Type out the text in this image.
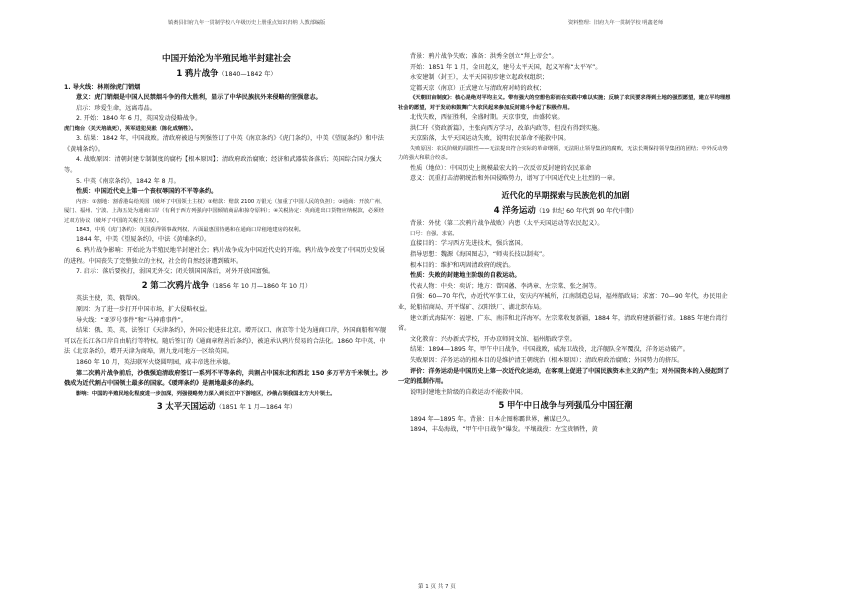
镇赉县旧府九年一贯制学校八年级历史上册重点知识归纳 人教部编版	资料整理：旧府九年一贯制学校 明鑫老师

中国开始沦为半殖民地半封建社会

1 鸦片战争（1840—1842 年）

1. 导火线：林则徐虎门销烟

意义：虎门销烟是中国人民禁烟斗争的伟大胜利，显示了中华民族抗外来侵略的坚强意志。

启示：珍爱生命，远离毒品。

2. 开始：1840 年 6 月，英国发动侵略战争。

虎门炮台（关天培战死），英军进犯吴淞（陈化成牺牲）。

3. 结果：1842 年，中国战败。清政府被迫与列强签订了中英《南京条约》《虎门条约》，中美《望厦条约》和中法《黄埔条约》。

4. 战败原因：清朝封建专制制度的腐朽【根本原因】；清政府政治腐败；经济和武器装备落后；英国综合国力强大等。

5. 中英《南京条约》，1842 年 8 月。

性质：中国近代史上第一个丧权辱国的不平等条约。

内容：①割地：割香港岛给英国（破坏了中国领土主权）②赔款：赔款 2100 万银元（加重了中国人民的负担）；③通商：开放广州、厦门、福州、宁波、上海五处为通商口岸（有利于西方列强向中国倾销商品和掠夺原料）；④关税协定：英商进出口货物应纳税款，必须经过双方协议（破坏了中国的关税自主权）。

1843，中英《虎门条约》：英国获得领事裁判权、片面最惠国待遇和在通商口岸租地建房的权利。

1844 年，中美《望厦条约》，中法《黄埔条约》。

6. 鸦片战争影响：开始沦为半殖民地半封建社会；鸦片战争成为中国近代史的开端。鸦片战争改变了中国历史发展的进程。中国丧失了完整独立的主权，社会的自然经济遭到破坏。

7. 启示：落后要挨打，弱国无外交；闭关锁国国落后，对外开放国富强。

2 第二次鸦片战争（1856 年 10 月—1860 年 10 月）

英法主使，美、俄帮凶。

原因：为了进一步打开中国市场，扩大侵略权益。

导火线：“亚罗号事件”和“马神甫事件”。

结果：俄、美、英、法签订《天津条约》，外国公使进驻北京。增开汉口、南京等十处为通商口岸，外国商船和军舰可以在长江各口岸自由航行等特权。随后签订的《通商章程善后条约》，被迫承认鸦片贸易的合法化。1860 年中英、中法《北京条约》，增开天津为商埠，割九龙司地方一区给英国。

1860 年 10 月，英法联军火烧圆明园，咸丰帝逃往承德。

第二次鸦片战争前后，沙俄强迫清政府签订一系列不平等条约，共割占中国东北和西北 150 多万平方千米领土。沙俄成为近代割占中国领土最多的国家。《瑷珲条约》是割地最多的条约。

影响：中国的半殖民地化程度进一步加深，列强侵略势力深入到长江中下游地区，沙俄占领我国北方大片领土。

3 太平天国运动（1851 年 1 月—1864 年）

背景：鸦片战争失败；准备：洪秀全创立“拜上帝会”。

开始：1851 年 1 月，金田起义，建号太平天国，起义军称“太平军”。

永安建制（封王），太平天国初步建立起政权组织；

定都天京（南京）正式建立与清政府对峙的政权；

《天朝田亩制度》：核心是绝对平均主义。带有强大的空想色彩而在实践中难以实施；反映了农民要求得到土地的强烈愿望，建立平均理想社会的愿望，对于发动和鼓舞广大农民起来参加反封建斗争起了积极作用。

北伐失败，西征胜利，全盛时期。天京事变，由盛转衰。

洪仁玕《资政新篇》，主张向西方学习，改革内政等，但没有得到实施。

天京陷落，太平天国运动失败，说明农民革命不能救中国。

失败原因：农民阶级的局限性——无法提出符合实际的革命纲领，无法阻止领导集团的腐败，无法长期保持领导集团的团结；中外反动势力的强大和联合绞杀。

性质（地位）：中国历史上规模最宏大的一次反帝反封建的农民革命

意义：沉重打击清朝统治和外国侵略势力，谱写了中国近代史上壮烈的一章。

近代化的早期探索与民族危机的加剧

4 洋务运动（19 世纪 60 年代到 90 年代中期）

背景：外忧（第二次鸦片战争战败）内患（太平天国运动等农民起义）。

口号：自强、求富。

直接目的：学习西方先进技术，强兵富国。

指导思想：魏源《海国图志》，“师夷长技以制夷”。

根本目的：维护和巩固清政府的统治。

性质：失败的封建地主阶级的自救运动。

代表人物：中央：奕䜣；地方：曾国藩、李鸿章、左宗棠、张之洞等。

自强：60—70 年代，办近代军事工业，安庆内军械所，江南制造总局，福州船政局；求富：70—90 年代，办民用企业，轮船招商局、开平煤矿、汉阳铁厂、湖北织布局。

建立新式海陆军：福建、广东、南洋和北洋海军。左宗棠收复新疆，1884 年，清政府建新疆行省。1885 年建台湾行省。

文化教育：兴办新式学校，开办京师同文馆、福州船政学堂。

结果：1894—1895 年，甲午中日战争，中国战败，威海卫战役，北洋舰队全军覆没，洋务运动破产。

失败原因：洋务运动的根本目的是维护清王朝统治（根本原因）；清政府政治腐败；外国势力的挤压。

评价：洋务运动是中国历史上第一次近代化运动，在客观上促进了中国民族资本主义的产生；对外国资本的入侵起到了一定的抵制作用。

说明封建地主阶级的自救运动不能救中国。

5 甲午中日战争与列强瓜分中国狂潮

1894 年—1895 年。背景：日本企图称霸世界，蓄谋已久。

1894，丰岛海战，“甲午中日战争”爆发。平壤战役：左宝贵牺牲，黄

第 1 页 共 7 页
